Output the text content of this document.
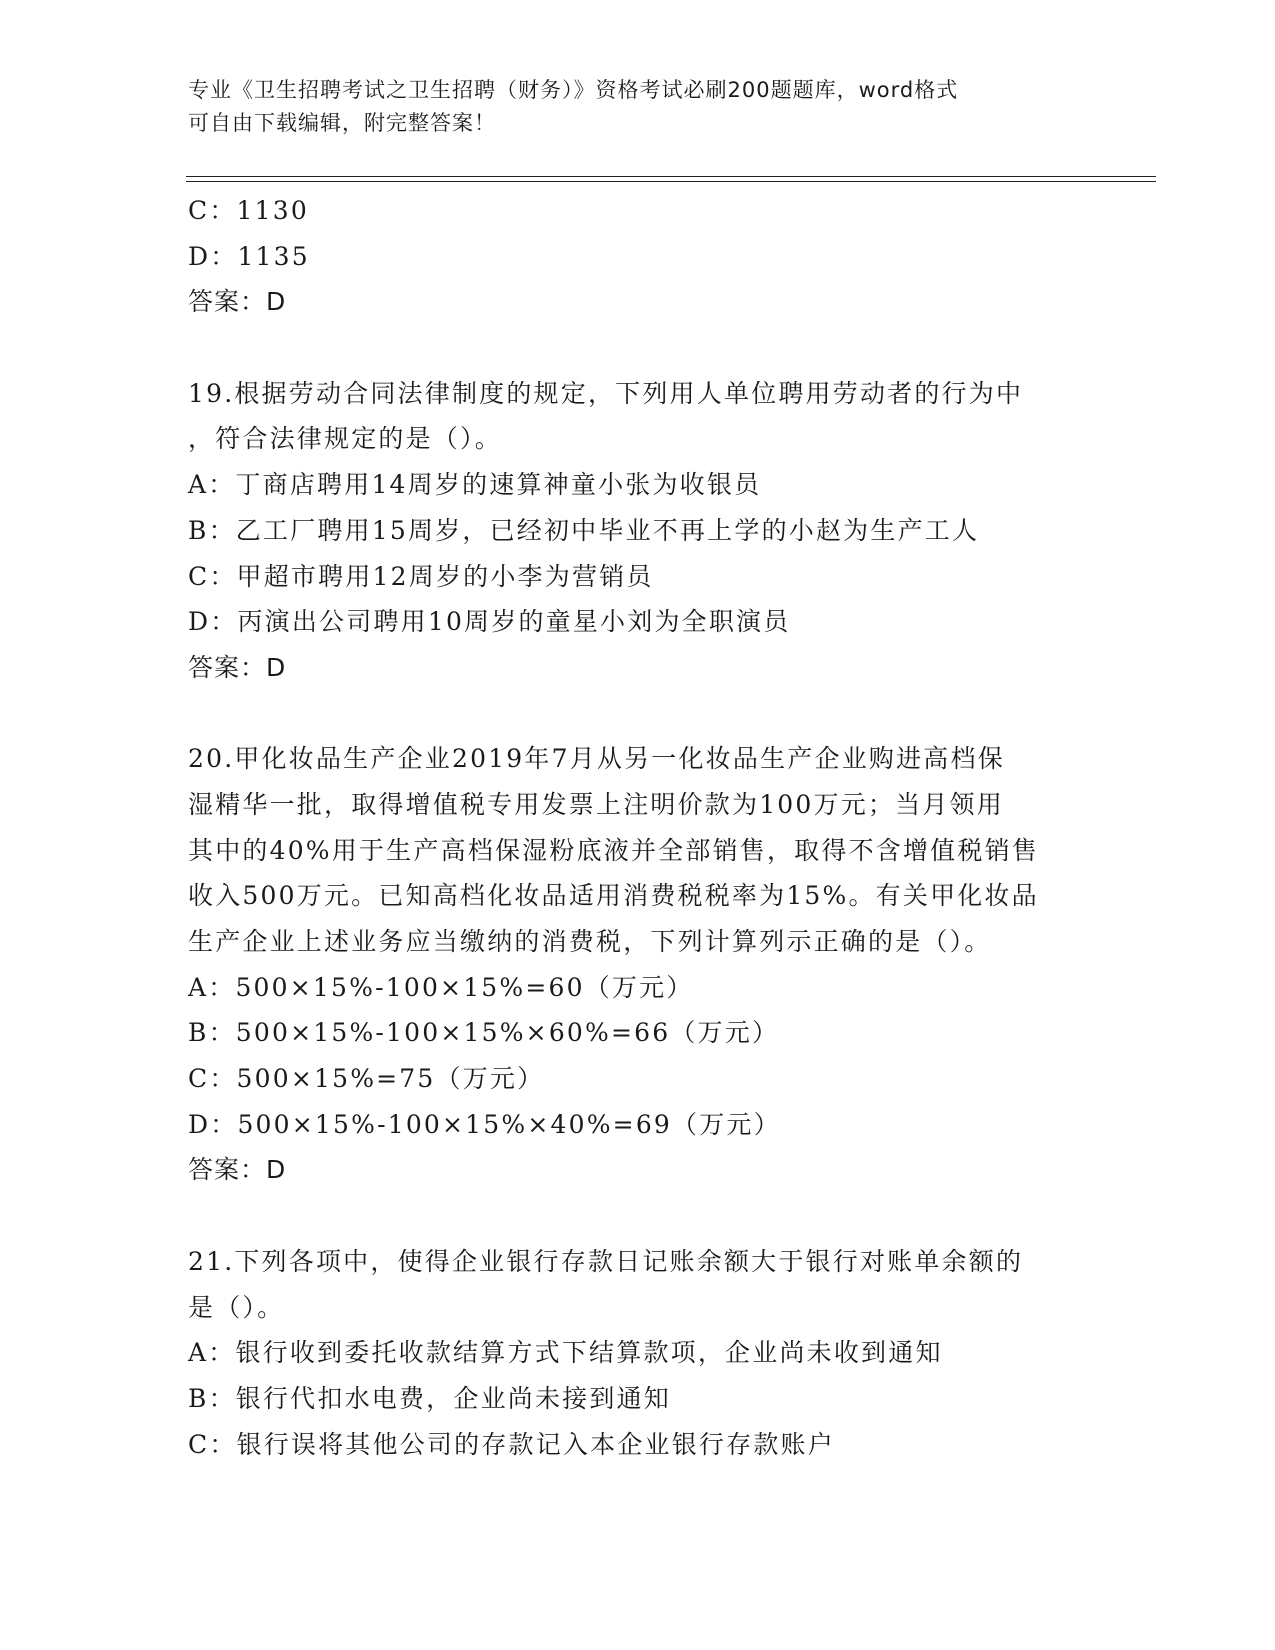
专业《卫生招聘考试之卫生招聘（财务）》资格考试必刷200题题库，word格式
可自由下载编辑，附完整答案！
C：1130
D：1135
答案：D
19.根据劳动合同法律制度的规定，下列用人单位聘用劳动者的行为中
，符合法律规定的是（）。
A：丁商店聘用14周岁的速算神童小张为收银员
B：乙工厂聘用15周岁，已经初中毕业不再上学的小赵为生产工人
C：甲超市聘用12周岁的小李为营销员
D：丙演出公司聘用10周岁的童星小刘为全职演员
答案：D
20.甲化妆品生产企业2019年7月从另一化妆品生产企业购进高档保
湿精华一批，取得增值税专用发票上注明价款为100万元；当月领用
其中的40%用于生产高档保湿粉底液并全部销售，取得不含增值税销售
收入500万元。已知高档化妆品适用消费税税率为15%。有关甲化妆品
生产企业上述业务应当缴纳的消费税，下列计算列示正确的是（）。
A：500×15%-100×15%=60（万元）
B：500×15%-100×15%×60%=66（万元）
C：500×15%=75（万元）
D：500×15%-100×15%×40%=69（万元）
答案：D
21.下列各项中，使得企业银行存款日记账余额大于银行对账单余额的
是（）。
A：银行收到委托收款结算方式下结算款项，企业尚未收到通知
B：银行代扣水电费，企业尚未接到通知
C：银行误将其他公司的存款记入本企业银行存款账户
